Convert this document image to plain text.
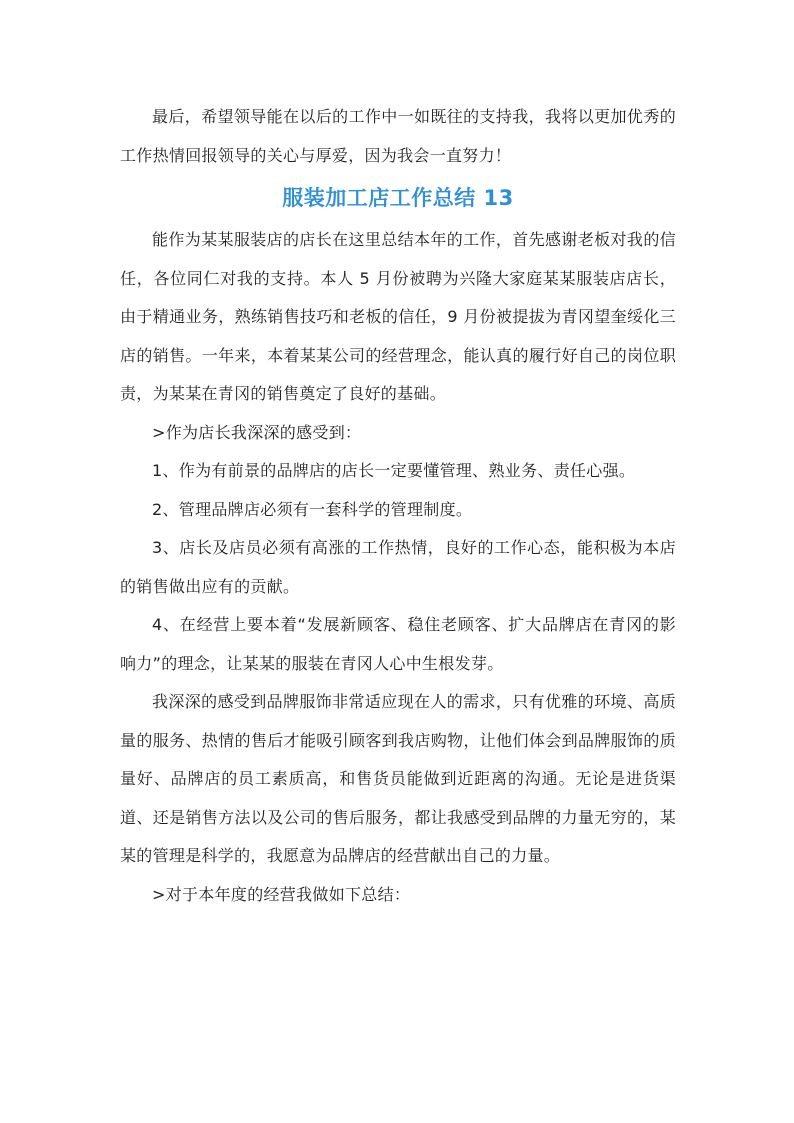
最后，希望领导能在以后的工作中一如既往的支持我，我将以更加优秀的工作热情回报领导的关心与厚爱，因为我会一直努力！

服装加工店工作总结 13

能作为某某服装店的店长在这里总结本年的工作，首先感谢老板对我的信任，各位同仁对我的支持。本人 5 月份被聘为兴隆大家庭某某服装店店长，由于精通业务，熟练销售技巧和老板的信任，9 月份被提拔为青冈望奎绥化三店的销售。一年来，本着某某公司的经营理念，能认真的履行好自己的岗位职责，为某某在青冈的销售奠定了良好的基础。

>作为店长我深深的感受到：

1、作为有前景的品牌店的店长一定要懂管理、熟业务、责任心强。

2、管理品牌店必须有一套科学的管理制度。

3、店长及店员必须有高涨的工作热情，良好的工作心态，能积极为本店的销售做出应有的贡献。

4、在经营上要本着“发展新顾客、稳住老顾客、扩大品牌店在青冈的影响力”的理念，让某某的服装在青冈人心中生根发芽。

我深深的感受到品牌服饰非常适应现在人的需求，只有优雅的环境、高质量的服务、热情的售后才能吸引顾客到我店购物，让他们体会到品牌服饰的质量好、品牌店的员工素质高，和售货员能做到近距离的沟通。无论是进货渠道、还是销售方法以及公司的售后服务，都让我感受到品牌的力量无穷的，某某的管理是科学的，我愿意为品牌店的经营献出自己的力量。

>对于本年度的经营我做如下总结：
